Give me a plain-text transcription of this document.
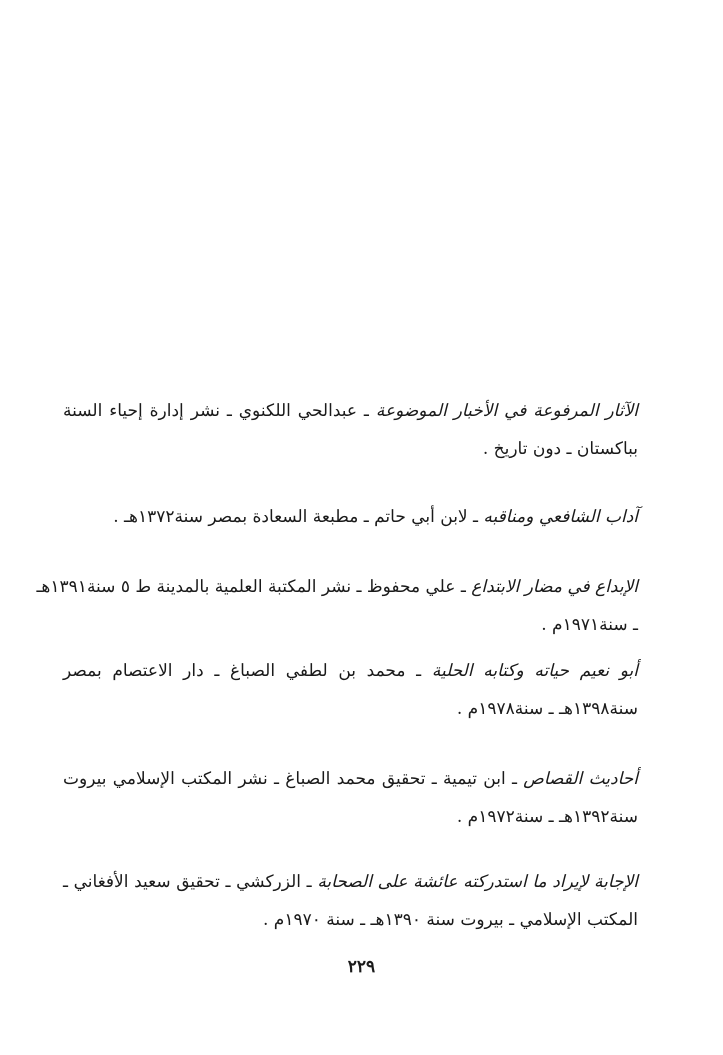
الآثار المرفوعة في الأخبار الموضوعة ـ عبدالحي اللكنوي ـ نشر إدارة إحياء السنة
بباكستان ـ دون تاريخ .
آداب الشافعي ومناقبه ـ لابن أبي حاتم ـ مطبعة السعادة بمصر سنة١٣٧٢هـ .
الإبداع في مضار الابتداع ـ علي محفوظ ـ نشر المكتبة العلمية بالمدينة ط ٥ سنة١٣٩١هـ
ـ سنة١٩٧١م .
أبو نعيم حياته وكتابه الحلية ـ محمد بن لطفي الصباغ ـ دار الاعتصام بمصر
سنة١٣٩٨هـ ـ سنة١٩٧٨م .
أحاديث القصاص ـ ابن تيمية ـ تحقيق محمد الصباغ ـ نشر المكتب الإسلامي بيروت
سنة١٣٩٢هـ ـ سنة١٩٧٢م .
الإجابة لإيراد ما استدركته عائشة على الصحابة ـ الزركشي ـ تحقيق سعيد الأفغاني ـ
المكتب الإسلامي ـ بيروت سنة ١٣٩٠هـ ـ سنة ١٩٧٠م .
٢٢٩
